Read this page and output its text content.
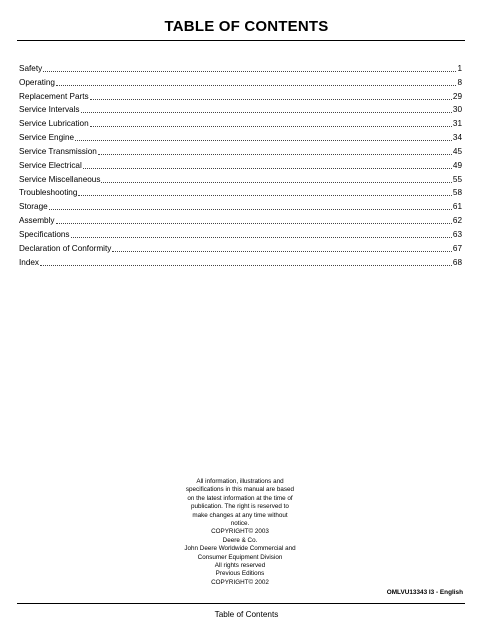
TABLE OF CONTENTS
Safety	1
Operating	8
Replacement Parts	29
Service Intervals	30
Service Lubrication	31
Service Engine	34
Service Transmission	45
Service Electrical	49
Service Miscellaneous	55
Troubleshooting	58
Storage	61
Assembly	62
Specifications	63
Declaration of Conformity	67
Index	68
All information, illustrations and
specifications in this manual are based
on the latest information at the time of
publication. The right is reserved to
make changes at any time without
notice.
COPYRIGHT© 2003
Deere & Co.
John Deere Worldwide Commercial and
Consumer Equipment Division
All rights reserved
Previous Editions
COPYRIGHT© 2002
OMLVU13343 I3 - English
Table of Contents
